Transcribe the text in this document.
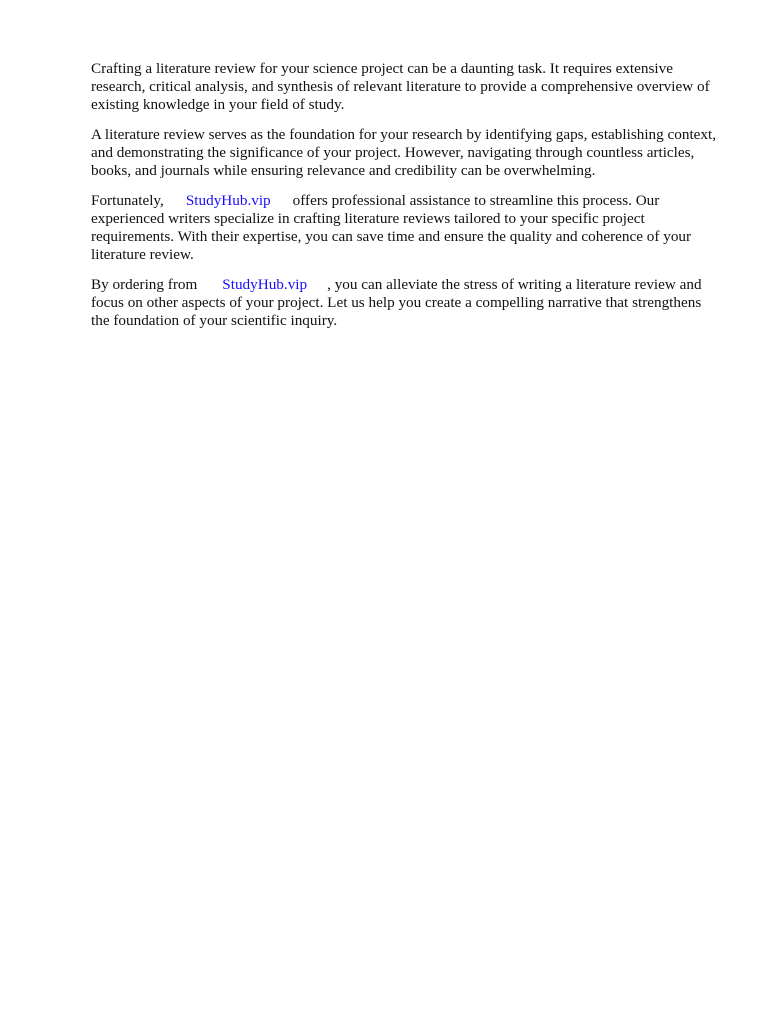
Crafting a literature review for your science project can be a daunting task. It requires extensive research, critical analysis, and synthesis of relevant literature to provide a comprehensive overview of existing knowledge in your field of study.

A literature review serves as the foundation for your research by identifying gaps, establishing context, and demonstrating the significance of your project. However, navigating through countless articles, books, and journals while ensuring relevance and credibility can be overwhelming.

Fortunately, StudyHub.vip offers professional assistance to streamline this process. Our experienced writers specialize in crafting literature reviews tailored to your specific project requirements. With their expertise, you can save time and ensure the quality and coherence of your literature review.

By ordering from StudyHub.vip , you can alleviate the stress of writing a literature review and focus on other aspects of your project. Let us help you create a compelling narrative that strengthens the foundation of your scientific inquiry.
